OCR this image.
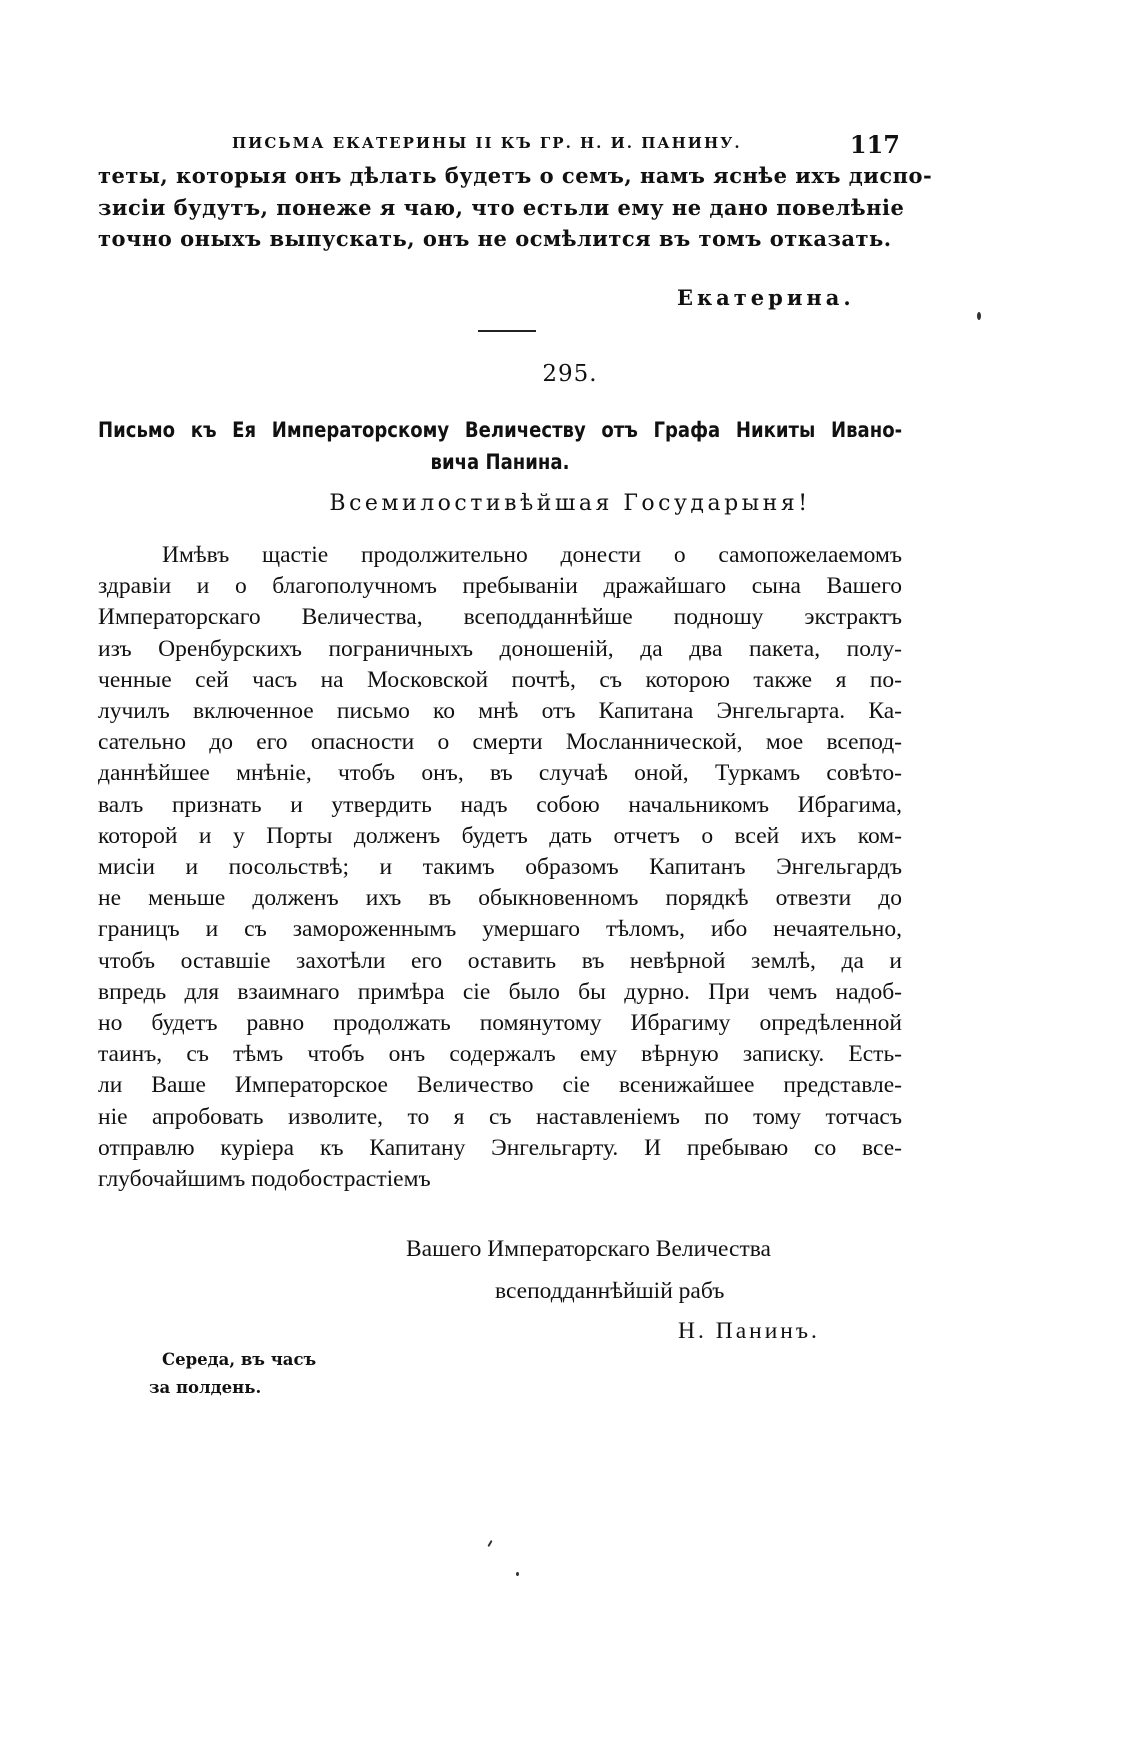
ПИСЬМА ЕКАТЕРИНЫ II КЪ ГР. Н. И. ПАНИНУ.	117
теты, которыя онъ дѣлать будетъ о семъ, намъ яснѣе ихъ диспо-
зисіи будутъ, понеже я чаю, что естьли ему не дано повелѣніе
точно оныхъ выпускать, онъ не осмѣлится въ томъ отказать.
Екатерина.
295.
Письмо къ Ея Императорскому Величеству отъ Графа Никиты Ивано-
вича Панина.
Всемилостивѣйшая Государыня!
Имѣвъ щастіе продолжительно донести о самопожелаемомъ
здравіи и о благополучномъ пребываніи дражайшаго сына Вашего
Императорскаго Величества, всеподданнѣйше подношу экстрактъ
изъ Оренбурскихъ пограничныхъ доношеній, да два пакета, полу-
ченные сей часъ на Московской почтѣ, съ которою также я по-
лучилъ включенное письмо ко мнѣ отъ Капитана Энгельгарта. Ка-
сательно до его опасности о смерти Мосланнической, мое всепод-
даннѣйшее мнѣніе, чтобъ онъ, въ случаѣ оной, Туркамъ совѣто-
валъ признать и утвердить надъ собою начальникомъ Ибрагима,
которой и у Порты долженъ будетъ дать отчетъ о всей ихъ ком-
мисіи и посольствѣ; и такимъ образомъ Капитанъ Энгельгардъ
не меньше долженъ ихъ въ обыкновенномъ порядкѣ отвезти до
границъ и съ замороженнымъ умершаго тѣломъ, ибо нечаятельно,
чтобъ оставшіе захотѣли его оставить въ невѣрной землѣ, да и
впредь для взаимнаго примѣра сіе было бы дурно. При чемъ надоб-
но будетъ равно продолжать помянутому Ибрагиму опредѣленной
таинъ, съ тѣмъ чтобъ онъ содержалъ ему вѣрную записку. Есть-
ли Ваше Императорское Величество сіе всенижайшее представле-
ніе апробовать изволите, то я съ наставленіемъ по тому тотчасъ
отправлю куріера къ Капитану Энгельгарту. И пребываю со все-
глубочайшимъ подобострастіемъ
Вашего Императорскаго Величества
всеподданнѣйшій рабъ
Н. Панинъ.
Середа, въ часъ
за полдень.
